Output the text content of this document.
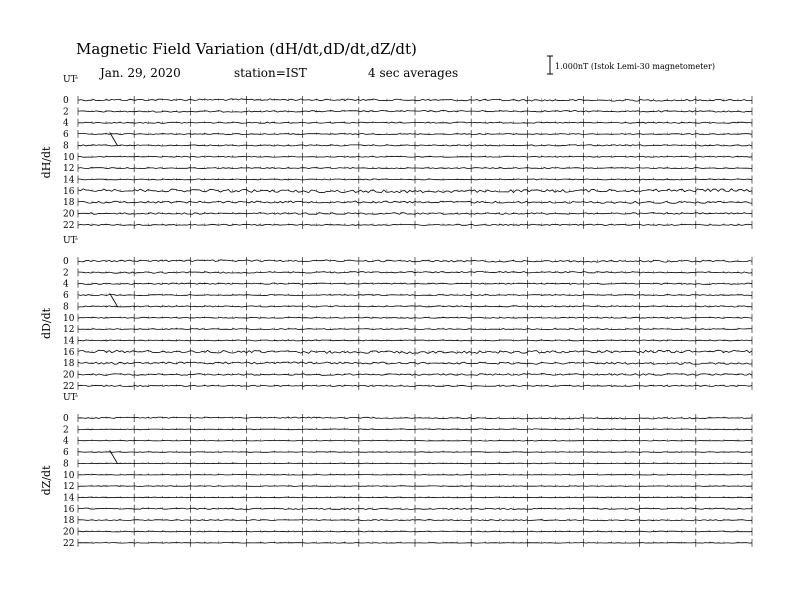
Magnetic Field Variation (dH/dt,dD/dt,dZ/dt)
Jan. 29, 2020	station=IST	4 sec averages	1.000nT (Istok Lemi-30 magnetometer)
UT
dH/dt
0
2
4
6
8
10
12
14
16
18
20
22
UT
dD/dt
0
2
4
6
8
10
12
14
16
18
20
22
UT
dZ/dt
0
2
4
6
8
10
12
14
16
18
20
22
